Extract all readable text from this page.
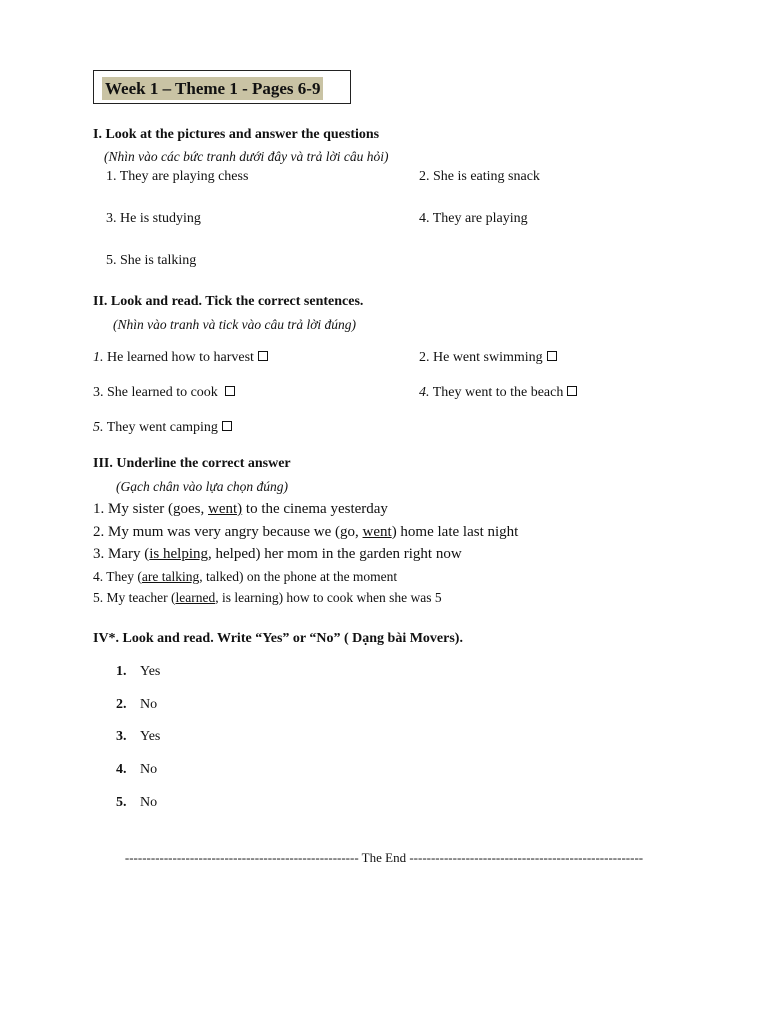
Week 1 – Theme 1 - Pages 6-9
I. Look at the pictures and answer the questions
(Nhìn vào các bức tranh dưới đây và trả lời câu hỏi)
1. They are playing chess	2. She is eating snack
3. He is studying	4. They are playing
5. She is talking
II. Look and read. Tick the correct sentences.
(Nhìn vào tranh và tick vào câu trả lời đúng)
1. He learned how to harvest	2. He went swimming
3. She learned to cook	4. They went to the beach
5. They went camping
III. Underline the correct answer
(Gạch chân vào lựa chọn đúng)
1. My sister (goes, went) to the cinema yesterday
2. My mum was very angry because we (go, went) home late last night
3. Mary (is helping, helped) her mom in the garden right now
4. They (are talking, talked) on the phone at the moment
5. My teacher (learned, is learning) how to cook when she was 5
IV*. Look and read. Write “Yes” or “No” ( Dạng bài Movers).
1. Yes
2. No
3. Yes
4. No
5. No
------------------------------------------------------ The End ------------------------------------------------------
